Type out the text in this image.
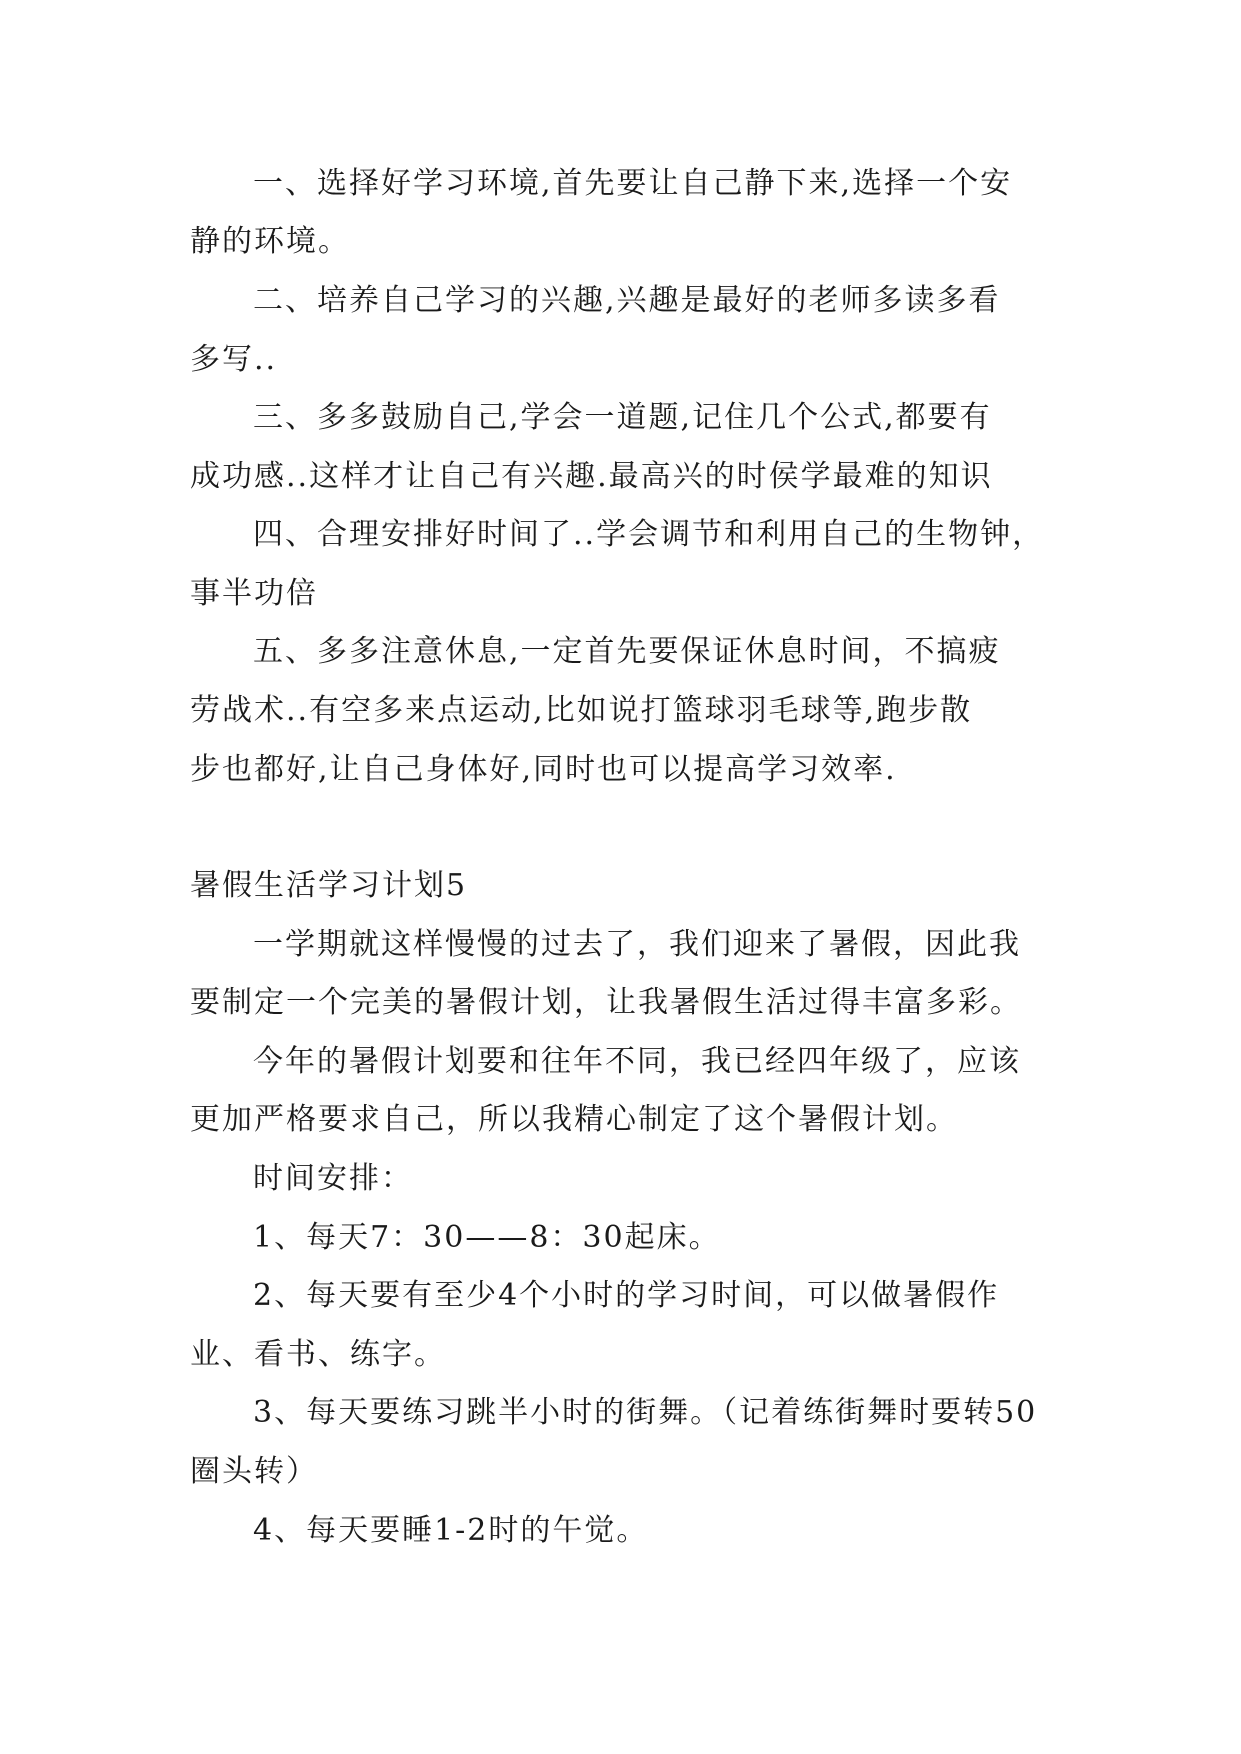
一、选择好学习环境,首先要让自己静下来,选择一个安
静的环境。
二、培养自己学习的兴趣,兴趣是最好的老师多读多看
多写..
三、多多鼓励自己,学会一道题,记住几个公式,都要有
成功感..这样才让自己有兴趣.最高兴的时侯学最难的知识
四、合理安排好时间了..学会调节和利用自己的生物钟，
事半功倍
五、多多注意休息,一定首先要保证休息时间，不搞疲
劳战术..有空多来点运动,比如说打篮球羽毛球等,跑步散
步也都好,让自己身体好,同时也可以提高学习效率.
暑假生活学习计划5
一学期就这样慢慢的过去了，我们迎来了暑假，因此我
要制定一个完美的暑假计划，让我暑假生活过得丰富多彩。
今年的暑假计划要和往年不同，我已经四年级了，应该
更加严格要求自己，所以我精心制定了这个暑假计划。
时间安排：
1、每天7：30——8：30起床。
2、每天要有至少4个小时的学习时间，可以做暑假作
业、看书、练字。
3、每天要练习跳半小时的街舞。（记着练街舞时要转50
圈头转）
4、每天要睡1-2时的午觉。
